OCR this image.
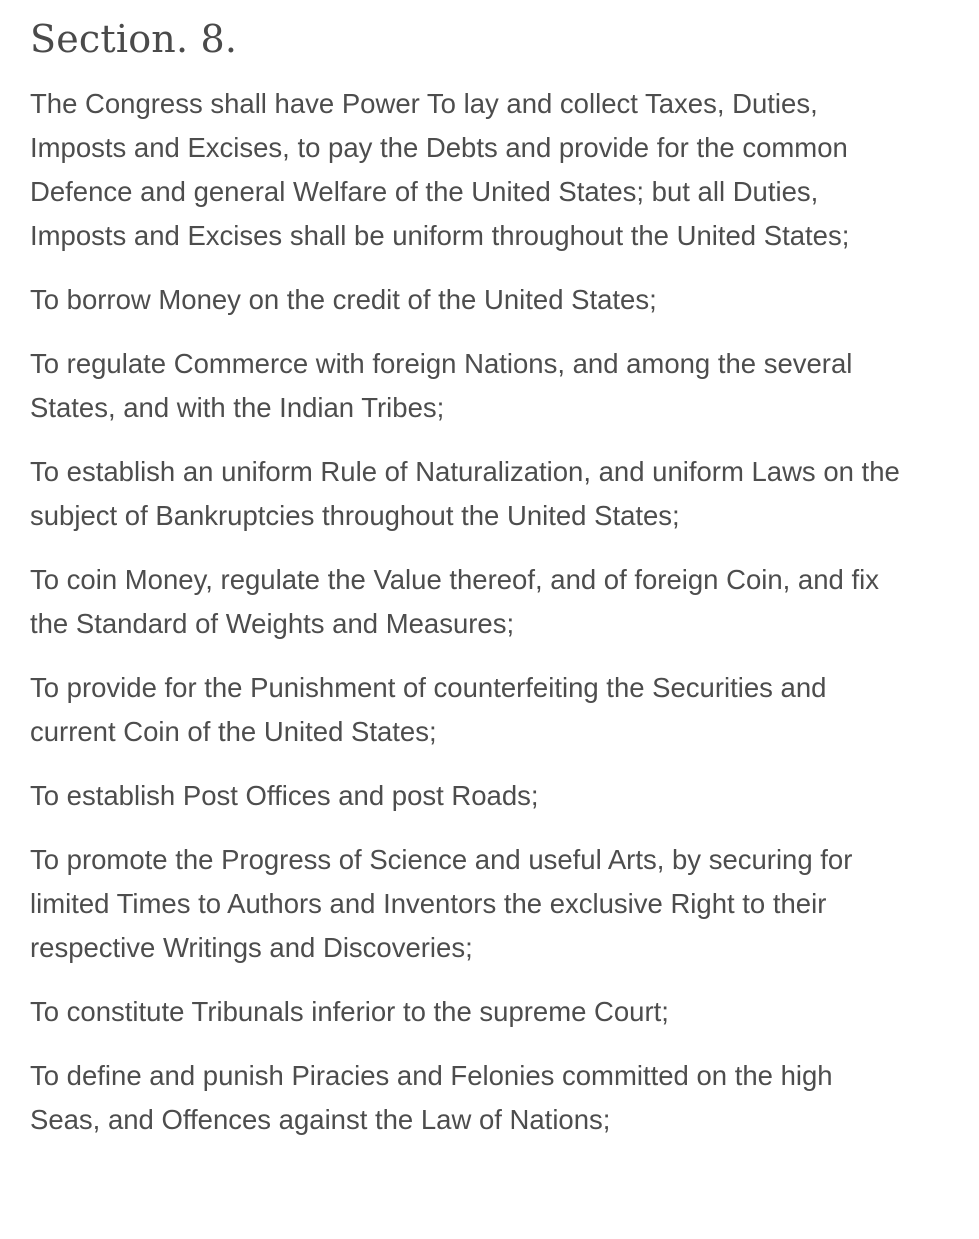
Section. 8.

The Congress shall have Power To lay and collect Taxes, Duties, Imposts and Excises, to pay the Debts and provide for the common Defence and general Welfare of the United States; but all Duties, Imposts and Excises shall be uniform throughout the United States;

To borrow Money on the credit of the United States;

To regulate Commerce with foreign Nations, and among the several States, and with the Indian Tribes;

To establish an uniform Rule of Naturalization, and uniform Laws on the subject of Bankruptcies throughout the United States;

To coin Money, regulate the Value thereof, and of foreign Coin, and fix the Standard of Weights and Measures;

To provide for the Punishment of counterfeiting the Securities and current Coin of the United States;

To establish Post Offices and post Roads;

To promote the Progress of Science and useful Arts, by securing for limited Times to Authors and Inventors the exclusive Right to their respective Writings and Discoveries;

To constitute Tribunals inferior to the supreme Court;

To define and punish Piracies and Felonies committed on the high Seas, and Offences against the Law of Nations;
